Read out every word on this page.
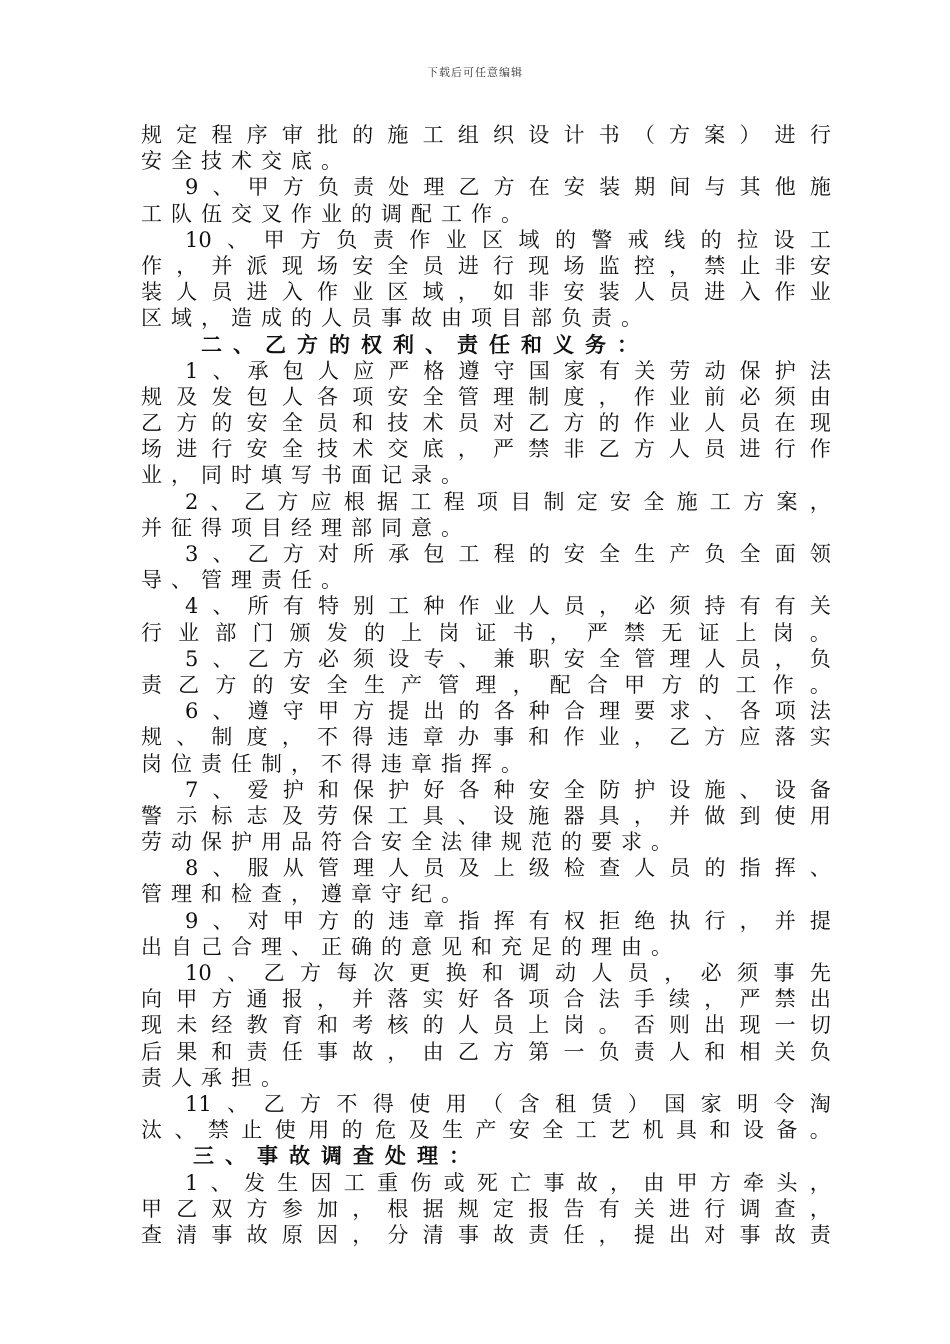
下载后可任意编辑
规 定 程 序 审 批 的 施 工 组 织 设 计 书 （ 方 案 ） 进 行
安全技术交底。
9 、 甲 方 负 责 处 理 乙 方 在 安 装 期 间 与 其 他 施
工队伍交叉作业的调配工作。
10 、 甲 方 负 责 作 业 区 域 的 警 戒 线 的 拉 设 工
作 ， 并 派 现 场 安 全 员 进 行 现 场 监 控 ， 禁 止 非 安
装 人 员 进 入 作 业 区 域 ， 如 非 安 装 人 员 进 入 作 业
区域，造成的人员事故由项目部负责。
二、乙方的权利、责任和义务：
1 、 承 包 人 应 严 格 遵 守 国 家 有 关 劳 动 保 护 法
规 及 发 包 人 各 项 安 全 管 理 制 度 ， 作 业 前 必 须 由
乙 方 的 安 全 员 和 技 术 员 对 乙 方 的 作 业 人 员 在 现
场 进 行 安 全 技 术 交 底 ， 严 禁 非 乙 方 人 员 进 行 作
业，同时填写书面记录。
2 、 乙 方 应 根 据 工 程 项 目 制 定 安 全 施 工 方 案 ，
并征得项目经理部同意。
3 、 乙 方 对 所 承 包 工 程 的 安 全 生 产 负 全 面 领
导、管理责任。
4 、 所 有 特 别 工 种 作 业 人 员 ， 必 须 持 有 有 关
行 业 部 门 颁 发 的 上 岗 证 书 ， 严 禁 无 证 上 岗 。
5 、 乙 方 必 须 设 专 、 兼 职 安 全 管 理 人 员 ， 负
责 乙 方 的 安 全 生 产 管 理 ， 配 合 甲 方 的 工 作 。
6 、 遵 守 甲 方 提 出 的 各 种 合 理 要 求 、 各 项 法
规 、 制 度 ， 不 得 违 章 办 事 和 作 业 ， 乙 方 应 落 实
岗位责任制，不得违章指挥。
7 、 爱 护 和 保 护 好 各 种 安 全 防 护 设 施 、 设 备
警 示 标 志 及 劳 保 工 具 、 设 施 器 具 ， 并 做 到 使 用
劳动保护用品符合安全法律规范的要求。
8 、 服 从 管 理 人 员 及 上 级 检 查 人 员 的 指 挥 、
管理和检查，遵章守纪。
9 、 对 甲 方 的 违 章 指 挥 有 权 拒 绝 执 行 ， 并 提
出自己合理、正确的意见和充足的理由。
10 、 乙 方 每 次 更 换 和 调 动 人 员 ， 必 须 事 先
向 甲 方 通 报 ， 并 落 实 好 各 项 合 法 手 续 ， 严 禁 出
现 未 经 教 育 和 考 核 的 人 员 上 岗 。 否 则 出 现 一 切
后 果 和 责 任 事 故 ， 由 乙 方 第 一 负 责 人 和 相 关 负
责人承担。
11 、 乙 方 不 得 使 用 （ 含 租 赁 ） 国 家 明 令 淘
汰 、 禁 止 使 用 的 危 及 生 产 安 全 工 艺 机 具 和 设 备 。
三、事故调查处理：
1 、 发 生 因 工 重 伤 或 死 亡 事 故 ， 由 甲 方 牵 头 ，
甲 乙 双 方 参 加 ， 根 据 规 定 报 告 有 关 进 行 调 查 ，
查 清 事 故 原 因 ， 分 清 事 故 责 任 ， 提 出 对 事 故 责
